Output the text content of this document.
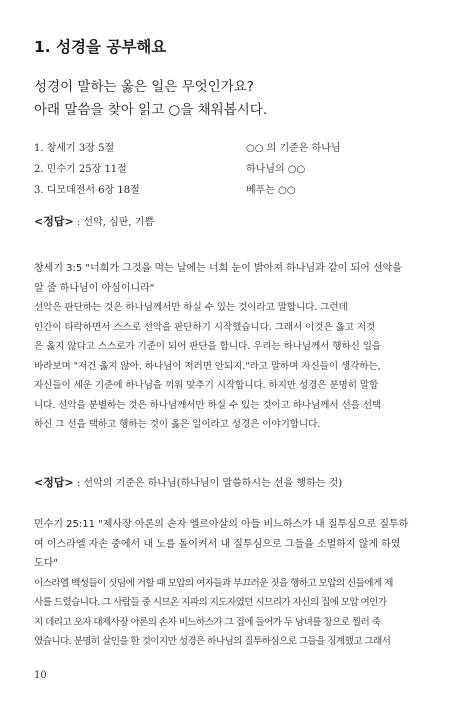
1. 성경을 공부해요
성경이 말하는 옳은 일은 무엇인가요?
아래 말씀을 찾아 읽고 ○을 채워봅시다.
1. 창세기 3장 5절	○○ 의 기준은 하나님
2. 민수기 25장 11절	하나님의 ○○
3. 디모데전서 6장 18절	베푸는 ○○
<정답> : 선악, 심판, 기쁨
창세기 3:5 "너희가 그것을 먹는 날에는 너희 눈이 밝아져 하나님과 같이 되어 선악을
알 줄 하나님이 아심이니라"
선악은 판단하는 것은 하나님께서만 하실 수 있는 것이라고 말합니다. 그런데
인간이 타락하면서 스스로 선악을 판단하기 시작했습니다. 그래서 이것은 옳고 저것
은 옳지 않다고 스스로가 기준이 되어 판단을 합니다. 우리는 하나님께서 행하신 일을
바라보며 "저건 옳지 않아. 하나님이 저러면 안되지."라고 말하며 자신들이 생각하는,
자신들이 세운 기준에 하나님을 끼워 맞추기 시작합니다. 하지만 성경은 분명히 말합
니다. 선악을 분별하는 것은 하나님께서만 하실 수 있는 것이고 하나님께서 선을 선택
하신 그 선을 택하고 행하는 것이 옳은 일이라고 성경은 이야기합니다.
<정답> : 선악의 기준은 하나님(하나님이 말씀하시는 선을 행하는 것)
민수기 25:11 "제사장 아론의 손자 엘르아살의 아들 비느하스가 내 질투심으로 질투하
여 이스라엘 자손 중에서 내 노를 돌이켜서 내 질투심으로 그들을 소멸하지 않게 하였
도다"
이스라엘 백성들이 싯딤에 거할 때 모압의 여자들과 부끄러운 짓을 행하고 모압의 신들에게 제
사를 드렸습니다. 그 사람들 중 시므온 지파의 지도자였던 시므리가 자신의 집에 모압 여인가
지 데리고 오자 대제사장 아론의 손자 비느하스가 그 집에 들어가 두 남녀를 창으로 찔러 죽
였습니다. 분명히 살인을 한 것이지만 성경은 하나님의 질투하심으로 그들을 징계했고 그래서
10
